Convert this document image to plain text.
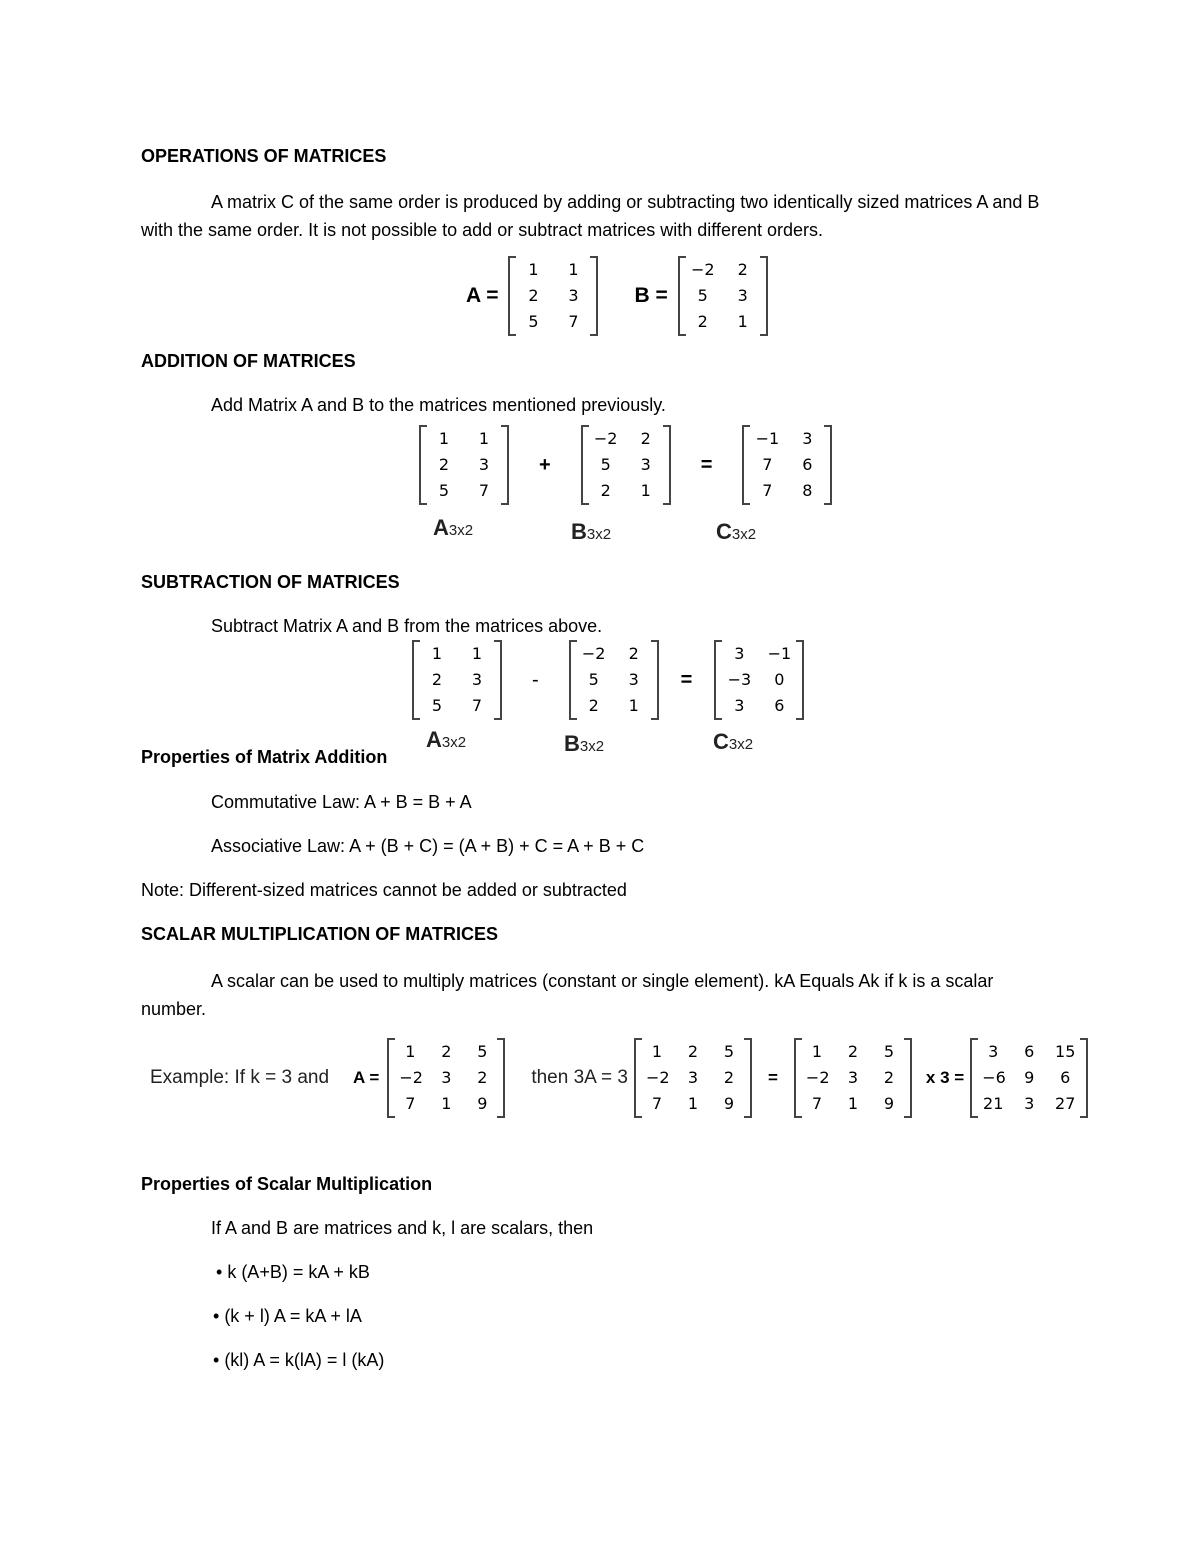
OPERATIONS OF MATRICES
A matrix C of the same order is produced by adding or subtracting two identically sized matrices A and B with the same order. It is not possible to add or subtract matrices with different orders.
A =
1	1
2	3
5	7
B =
−2	2
5	3
2	1
ADDITION OF MATRICES
Add Matrix A and B to the matrices mentioned previously.
1	1
2	3
5	7
+
−2	2
5	3
2	1
=
−1	3
7	6
7	8
A3x2	B3x2	C3x2
SUBTRACTION OF MATRICES
Subtract Matrix A and B from the matrices above.
1	1
2	3
5	7
-
−2	2
5	3
2	1
=
3	−1
−3	0
3	6
A3x2	B3x2	C3x2
Properties of Matrix Addition
Commutative Law: A + B = B + A
Associative Law: A + (B + C) = (A + B) + C = A + B + C
Note: Different-sized matrices cannot be added or subtracted
SCALAR MULTIPLICATION OF MATRICES
A scalar can be used to multiply matrices (constant or single element). kA Equals Ak if k is a scalar number.
Example: If k = 3 and A =
1	2	5
−2	3	2
7	1	9
then 3A = 3
1	2	5
−2	3	2
7	1	9
=
1	2	5
−2	3	2
7	1	9
x 3 =
3	6	15
−6	9	6
21	3	27
Properties of Scalar Multiplication
If A and B are matrices and k, l are scalars, then
• k (A+B) = kA + kB
• (k + l) A = kA + lA
• (kl) A = k(lA) = l (kA)
